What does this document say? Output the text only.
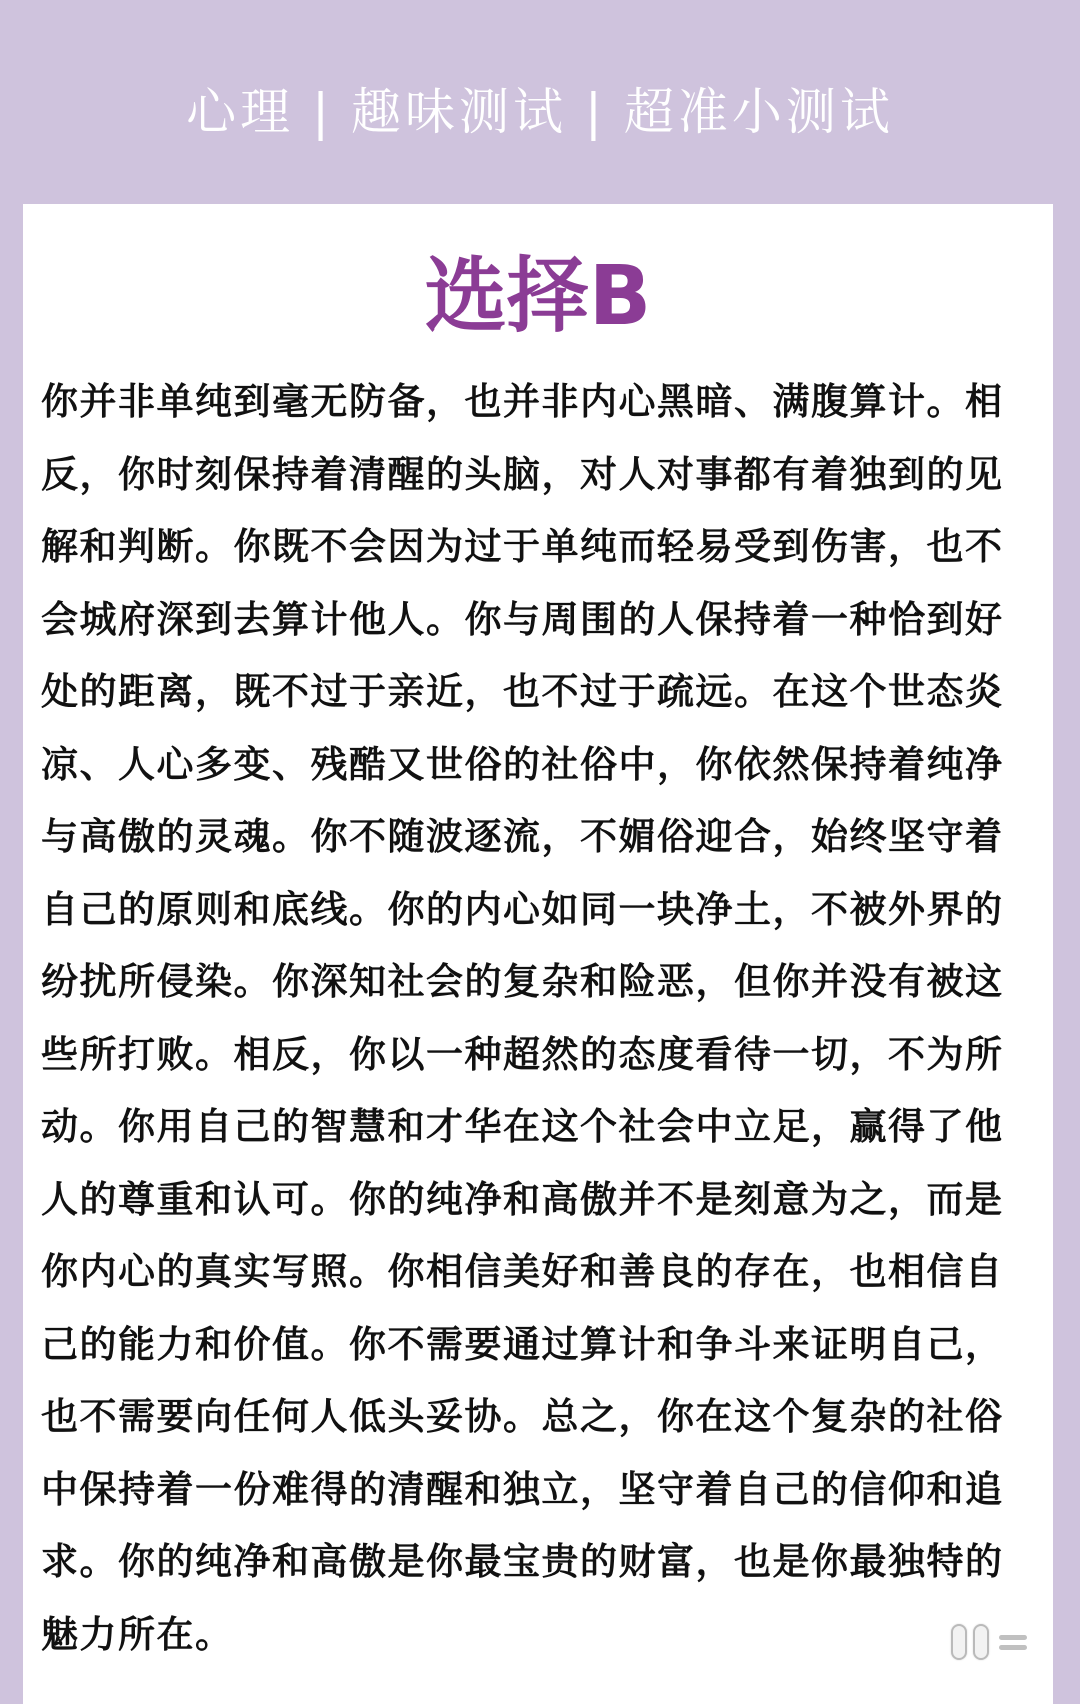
心理 | 趣味测试 | 超准小测试
选择B
你并非单纯到毫无防备，也并非内心黑暗、满腹算计。相
反，你时刻保持着清醒的头脑，对人对事都有着独到的见
解和判断。你既不会因为过于单纯而轻易受到伤害，也不
会城府深到去算计他人。你与周围的人保持着一种恰到好
处的距离，既不过于亲近，也不过于疏远。在这个世态炎
凉、人心多变、残酷又世俗的社俗中，你依然保持着纯净
与高傲的灵魂。你不随波逐流，不媚俗迎合，始终坚守着
自己的原则和底线。你的内心如同一块净土，不被外界的
纷扰所侵染。你深知社会的复杂和险恶，但你并没有被这
些所打败。相反，你以一种超然的态度看待一切，不为所
动。你用自己的智慧和才华在这个社会中立足，赢得了他
人的尊重和认可。你的纯净和高傲并不是刻意为之，而是
你内心的真实写照。你相信美好和善良的存在，也相信自
己的能力和价值。你不需要通过算计和争斗来证明自己，
也不需要向任何人低头妥协。总之，你在这个复杂的社俗
中保持着一份难得的清醒和独立，坚守着自己的信仰和追
求。你的纯净和高傲是你最宝贵的财富，也是你最独特的
魅力所在。
